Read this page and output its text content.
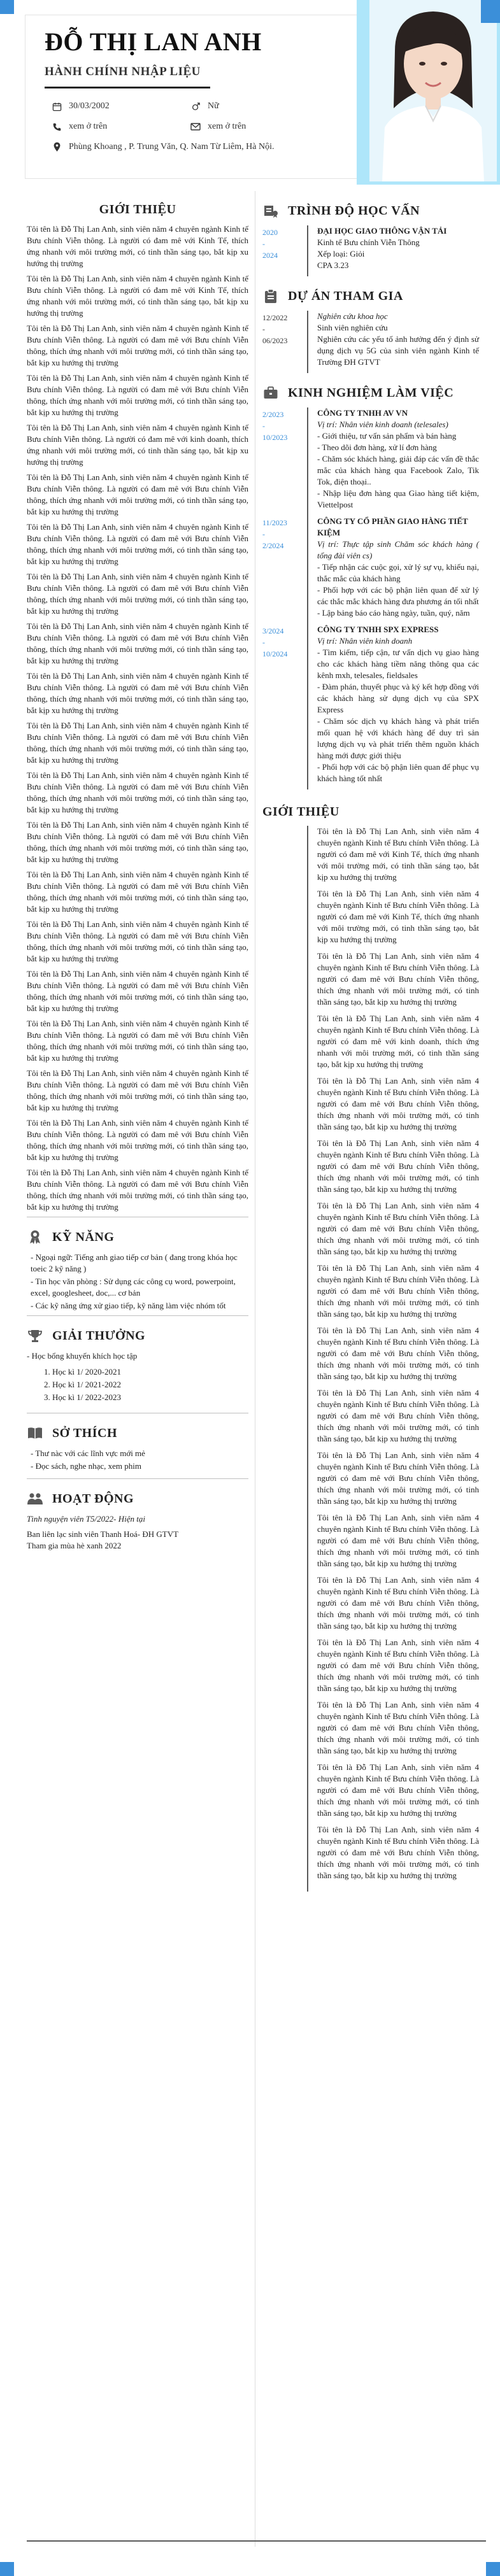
ĐỖ THỊ LAN ANH
HÀNH CHÍNH NHẬP LIỆU
30/03/2002	Nữ
xem ở trên	xem ở trên
Phùng Khoang , P. Trung Văn, Q. Nam Từ Liêm, Hà Nội.
GIỚI THIỆU

Tôi tên là Đỗ Thị Lan Anh, sinh viên năm 4 chuyên ngành Kinh tế Bưu chính Viễn thông. Là người có đam mê với Kinh Tế, thích ứng nhanh với môi trường mới, có tinh thần sáng tạo, bắt kịp xu hướng thị trường

Tôi tên là Đỗ Thị Lan Anh, sinh viên năm 4 chuyên ngành Kinh tế Bưu chính Viễn thông. Là người có đam mê với Kinh Tế, thích ứng nhanh với môi trường mới, có tinh thần sáng tạo, bắt kịp xu hướng thị trường

Tôi tên là Đỗ Thị Lan Anh, sinh viên năm 4 chuyên ngành Kinh tế Bưu chính Viễn thông. Là người có đam mê với Bưu chính Viễn thông, thích ứng nhanh với môi trường mới, có tinh thần sáng tạo, bắt kịp xu hướng thị trường

Tôi tên là Đỗ Thị Lan Anh, sinh viên năm 4 chuyên ngành Kinh tế Bưu chính Viễn thông. Là người có đam mê với Bưu chính Viễn thông, thích ứng nhanh với môi trường mới, có tinh thần sáng tạo, bắt kịp xu hướng thị trường

Tôi tên là Đỗ Thị Lan Anh, sinh viên năm 4 chuyên ngành Kinh tế Bưu chính Viễn thông. Là người có đam mê với kinh doanh, thích ứng nhanh với môi trường mới, có tinh thần sáng tạo, bắt kịp xu hướng thị trường

Tôi tên là Đỗ Thị Lan Anh, sinh viên năm 4 chuyên ngành Kinh tế Bưu chính Viễn thông. Là người có đam mê với Bưu chính Viễn thông, thích ứng nhanh với môi trường mới, có tinh thần sáng tạo, bắt kịp xu hướng thị trường

Tôi tên là Đỗ Thị Lan Anh, sinh viên năm 4 chuyên ngành Kinh tế Bưu chính Viễn thông. Là người có đam mê với Bưu chính Viễn thông, thích ứng nhanh với môi trường mới, có tinh thần sáng tạo, bắt kịp xu hướng thị trường

Tôi tên là Đỗ Thị Lan Anh, sinh viên năm 4 chuyên ngành Kinh tế Bưu chính Viễn thông. Là người có đam mê với Bưu chính Viễn thông, thích ứng nhanh với môi trường mới, có tinh thần sáng tạo, bắt kịp xu hướng thị trường

Tôi tên là Đỗ Thị Lan Anh, sinh viên năm 4 chuyên ngành Kinh tế Bưu chính Viễn thông. Là người có đam mê với Bưu chính Viễn thông, thích ứng nhanh với môi trường mới, có tinh thần sáng tạo, bắt kịp xu hướng thị trường

Tôi tên là Đỗ Thị Lan Anh, sinh viên năm 4 chuyên ngành Kinh tế Bưu chính Viễn thông. Là người có đam mê với Bưu chính Viễn thông, thích ứng nhanh với môi trường mới, có tinh thần sáng tạo, bắt kịp xu hướng thị trường

Tôi tên là Đỗ Thị Lan Anh, sinh viên năm 4 chuyên ngành Kinh tế Bưu chính Viễn thông. Là người có đam mê với Bưu chính Viễn thông, thích ứng nhanh với môi trường mới, có tinh thần sáng tạo, bắt kịp xu hướng thị trường

Tôi tên là Đỗ Thị Lan Anh, sinh viên năm 4 chuyên ngành Kinh tế Bưu chính Viễn thông. Là người có đam mê với Bưu chính Viễn thông, thích ứng nhanh với môi trường mới, có tinh thần sáng tạo, bắt kịp xu hướng thị trường

Tôi tên là Đỗ Thị Lan Anh, sinh viên năm 4 chuyên ngành Kinh tế Bưu chính Viễn thông. Là người có đam mê với Bưu chính Viễn thông, thích ứng nhanh với môi trường mới, có tinh thần sáng tạo, bắt kịp xu hướng thị trường

Tôi tên là Đỗ Thị Lan Anh, sinh viên năm 4 chuyên ngành Kinh tế Bưu chính Viễn thông. Là người có đam mê với Bưu chính Viễn thông, thích ứng nhanh với môi trường mới, có tinh thần sáng tạo, bắt kịp xu hướng thị trường

Tôi tên là Đỗ Thị Lan Anh, sinh viên năm 4 chuyên ngành Kinh tế Bưu chính Viễn thông. Là người có đam mê với Bưu chính Viễn thông, thích ứng nhanh với môi trường mới, có tinh thần sáng tạo, bắt kịp xu hướng thị trường

Tôi tên là Đỗ Thị Lan Anh, sinh viên năm 4 chuyên ngành Kinh tế Bưu chính Viễn thông. Là người có đam mê với Bưu chính Viễn thông, thích ứng nhanh với môi trường mới, có tinh thần sáng tạo, bắt kịp xu hướng thị trường

Tôi tên là Đỗ Thị Lan Anh, sinh viên năm 4 chuyên ngành Kinh tế Bưu chính Viễn thông. Là người có đam mê với Bưu chính Viễn thông, thích ứng nhanh với môi trường mới, có tinh thần sáng tạo, bắt kịp xu hướng thị trường

Tôi tên là Đỗ Thị Lan Anh, sinh viên năm 4 chuyên ngành Kinh tế Bưu chính Viễn thông. Là người có đam mê với Bưu chính Viễn thông, thích ứng nhanh với môi trường mới, có tinh thần sáng tạo, bắt kịp xu hướng thị trường

Tôi tên là Đỗ Thị Lan Anh, sinh viên năm 4 chuyên ngành Kinh tế Bưu chính Viễn thông. Là người có đam mê với Bưu chính Viễn thông, thích ứng nhanh với môi trường mới, có tinh thần sáng tạo, bắt kịp xu hướng thị trường

Tôi tên là Đỗ Thị Lan Anh, sinh viên năm 4 chuyên ngành Kinh tế Bưu chính Viễn thông. Là người có đam mê với Bưu chính Viễn thông, thích ứng nhanh với môi trường mới, có tinh thần sáng tạo, bắt kịp xu hướng thị trường

KỸ NĂNG
- Ngoại ngữ: Tiếng anh giao tiếp cơ bản ( đang trong khóa học toeic 2 kỹ năng )
- Tin học văn phòng : Sử dụng các công cụ word, powerpoint, excel, googlesheet, doc,... cơ bản
- Các kỹ năng ứng xử giao tiếp, kỹ năng làm việc nhóm tốt
GIẢI THƯỞNG
- Học bổng khuyến khích học tập
1. Học kì 1/ 2020-2021
2. Học kì 1/ 2021-2022
3. Học kì 1/ 2022-2023
SỞ THÍCH
- Thư nàc với các lĩnh vực mới mẻ
- Đọc sách, nghe nhạc, xem phim
HOẠT ĐỘNG
Tình nguyện viên T5/2022- Hiện tại
Ban liên lạc sinh viên Thanh Hoá- ĐH GTVT
Tham gia mùa hè xanh 2022
TRÌNH ĐỘ HỌC VẤN
2020
-
2024
ĐẠI HỌC GIAO THÔNG VẬN TẢI

Kinh tế Bưu chính Viễn Thông

Xếp loại: Giỏi

CPA 3.23

DỰ ÁN THAM GIA
12/2022
-
06/2023

Nghiên cứu khoa học

Sinh viên nghiên cứu

Nghiên cứu các yếu tố ảnh hưởng đến ý định sử dụng dịch vụ 5G của sinh viên ngành Kinh tế Trường ĐH GTVT

KINH NGHIỆM LÀM VIỆC
2/2023
-
10/2023
CÔNG TY TNHH AV VN

Vị trí: Nhân viên kinh doanh (telesales)

- Giới thiệu, tư vấn sản phẩm và bán hàng

- Theo dõi đơn hàng, xử lí đơn hàng

- Chăm sóc khách hàng, giải đáp các vấn đề thắc mắc của khách hàng qua Facebook Zalo, Tik Tok, điện thoại..

- Nhập liệu đơn hàng qua Giao hàng tiết kiệm, Viettelpost

11/2023
-
2/2024
CÔNG TY CỔ PHẦN GIAO HÀNG TIẾT KIỆM

Vị trí: Thực tập sinh Chăm sóc khách hàng ( tổng đài viên cs)

- Tiếp nhận các cuộc gọi, xử lý sự vụ, khiếu nại, thắc mắc của khách hàng

- Phối hợp với các bộ phận liên quan để xử lý các thắc mắc khách hàng đưa phương án tối nhất

- Lập bảng báo cáo hàng ngày, tuần, quý, năm

3/2024
-
10/2024
CÔNG TY TNHH SPX EXPRESS

Vị trí: Nhân viên kinh doanh

- Tìm kiếm, tiếp cận, tư vấn dịch vụ giao hàng cho các khách hàng tiềm năng thông qua các kênh mxh, telesales, fieldsales

- Đàm phán, thuyết phục và ký kết hợp đồng với các khách hàng sử dụng dịch vụ của SPX Express

- Chăm sóc dịch vụ khách hàng và phát triển mối quan hệ với khách hàng để duy trì sản lượng dịch vụ và phát triển thêm nguồn khách hàng mới được giới thiệu

- Phối hợp với các bộ phận liên quan để phục vụ khách hàng tốt nhất

GIỚI THIỆU

Tôi tên là Đỗ Thị Lan Anh, sinh viên năm 4 chuyên ngành Kinh tế Bưu chính Viễn thông. Là người có đam mê với Kinh Tế, thích ứng nhanh với môi trường mới, có tinh thần sáng tạo, bắt kịp xu hướng thị trường

Tôi tên là Đỗ Thị Lan Anh, sinh viên năm 4 chuyên ngành Kinh tế Bưu chính Viễn thông. Là người có đam mê với Kinh Tế, thích ứng nhanh với môi trường mới, có tinh thần sáng tạo, bắt kịp xu hướng thị trường

Tôi tên là Đỗ Thị Lan Anh, sinh viên năm 4 chuyên ngành Kinh tế Bưu chính Viễn thông. Là người có đam mê với Bưu chính Viễn thông, thích ứng nhanh với môi trường mới, có tinh thần sáng tạo, bắt kịp xu hướng thị trường

Tôi tên là Đỗ Thị Lan Anh, sinh viên năm 4 chuyên ngành Kinh tế Bưu chính Viễn thông. Là người có đam mê với kinh doanh, thích ứng nhanh với môi trường mới, có tinh thần sáng tạo, bắt kịp xu hướng thị trường

Tôi tên là Đỗ Thị Lan Anh, sinh viên năm 4 chuyên ngành Kinh tế Bưu chính Viễn thông. Là người có đam mê với Bưu chính Viễn thông, thích ứng nhanh với môi trường mới, có tinh thần sáng tạo, bắt kịp xu hướng thị trường

Tôi tên là Đỗ Thị Lan Anh, sinh viên năm 4 chuyên ngành Kinh tế Bưu chính Viễn thông. Là người có đam mê với Bưu chính Viễn thông, thích ứng nhanh với môi trường mới, có tinh thần sáng tạo, bắt kịp xu hướng thị trường

Tôi tên là Đỗ Thị Lan Anh, sinh viên năm 4 chuyên ngành Kinh tế Bưu chính Viễn thông. Là người có đam mê với Bưu chính Viễn thông, thích ứng nhanh với môi trường mới, có tinh thần sáng tạo, bắt kịp xu hướng thị trường

Tôi tên là Đỗ Thị Lan Anh, sinh viên năm 4 chuyên ngành Kinh tế Bưu chính Viễn thông. Là người có đam mê với Bưu chính Viễn thông, thích ứng nhanh với môi trường mới, có tinh thần sáng tạo, bắt kịp xu hướng thị trường

Tôi tên là Đỗ Thị Lan Anh, sinh viên năm 4 chuyên ngành Kinh tế Bưu chính Viễn thông. Là người có đam mê với Bưu chính Viễn thông, thích ứng nhanh với môi trường mới, có tinh thần sáng tạo, bắt kịp xu hướng thị trường

Tôi tên là Đỗ Thị Lan Anh, sinh viên năm 4 chuyên ngành Kinh tế Bưu chính Viễn thông. Là người có đam mê với Bưu chính Viễn thông, thích ứng nhanh với môi trường mới, có tinh thần sáng tạo, bắt kịp xu hướng thị trường

Tôi tên là Đỗ Thị Lan Anh, sinh viên năm 4 chuyên ngành Kinh tế Bưu chính Viễn thông. Là người có đam mê với Bưu chính Viễn thông, thích ứng nhanh với môi trường mới, có tinh thần sáng tạo, bắt kịp xu hướng thị trường

Tôi tên là Đỗ Thị Lan Anh, sinh viên năm 4 chuyên ngành Kinh tế Bưu chính Viễn thông. Là người có đam mê với Bưu chính Viễn thông, thích ứng nhanh với môi trường mới, có tinh thần sáng tạo, bắt kịp xu hướng thị trường

Tôi tên là Đỗ Thị Lan Anh, sinh viên năm 4 chuyên ngành Kinh tế Bưu chính Viễn thông. Là người có đam mê với Bưu chính Viễn thông, thích ứng nhanh với môi trường mới, có tinh thần sáng tạo, bắt kịp xu hướng thị trường

Tôi tên là Đỗ Thị Lan Anh, sinh viên năm 4 chuyên ngành Kinh tế Bưu chính Viễn thông. Là người có đam mê với Bưu chính Viễn thông, thích ứng nhanh với môi trường mới, có tinh thần sáng tạo, bắt kịp xu hướng thị trường

Tôi tên là Đỗ Thị Lan Anh, sinh viên năm 4 chuyên ngành Kinh tế Bưu chính Viễn thông. Là người có đam mê với Bưu chính Viễn thông, thích ứng nhanh với môi trường mới, có tinh thần sáng tạo, bắt kịp xu hướng thị trường

Tôi tên là Đỗ Thị Lan Anh, sinh viên năm 4 chuyên ngành Kinh tế Bưu chính Viễn thông. Là người có đam mê với Bưu chính Viễn thông, thích ứng nhanh với môi trường mới, có tinh thần sáng tạo, bắt kịp xu hướng thị trường

Tôi tên là Đỗ Thị Lan Anh, sinh viên năm 4 chuyên ngành Kinh tế Bưu chính Viễn thông. Là người có đam mê với Bưu chính Viễn thông, thích ứng nhanh với môi trường mới, có tinh thần sáng tạo, bắt kịp xu hướng thị trường
